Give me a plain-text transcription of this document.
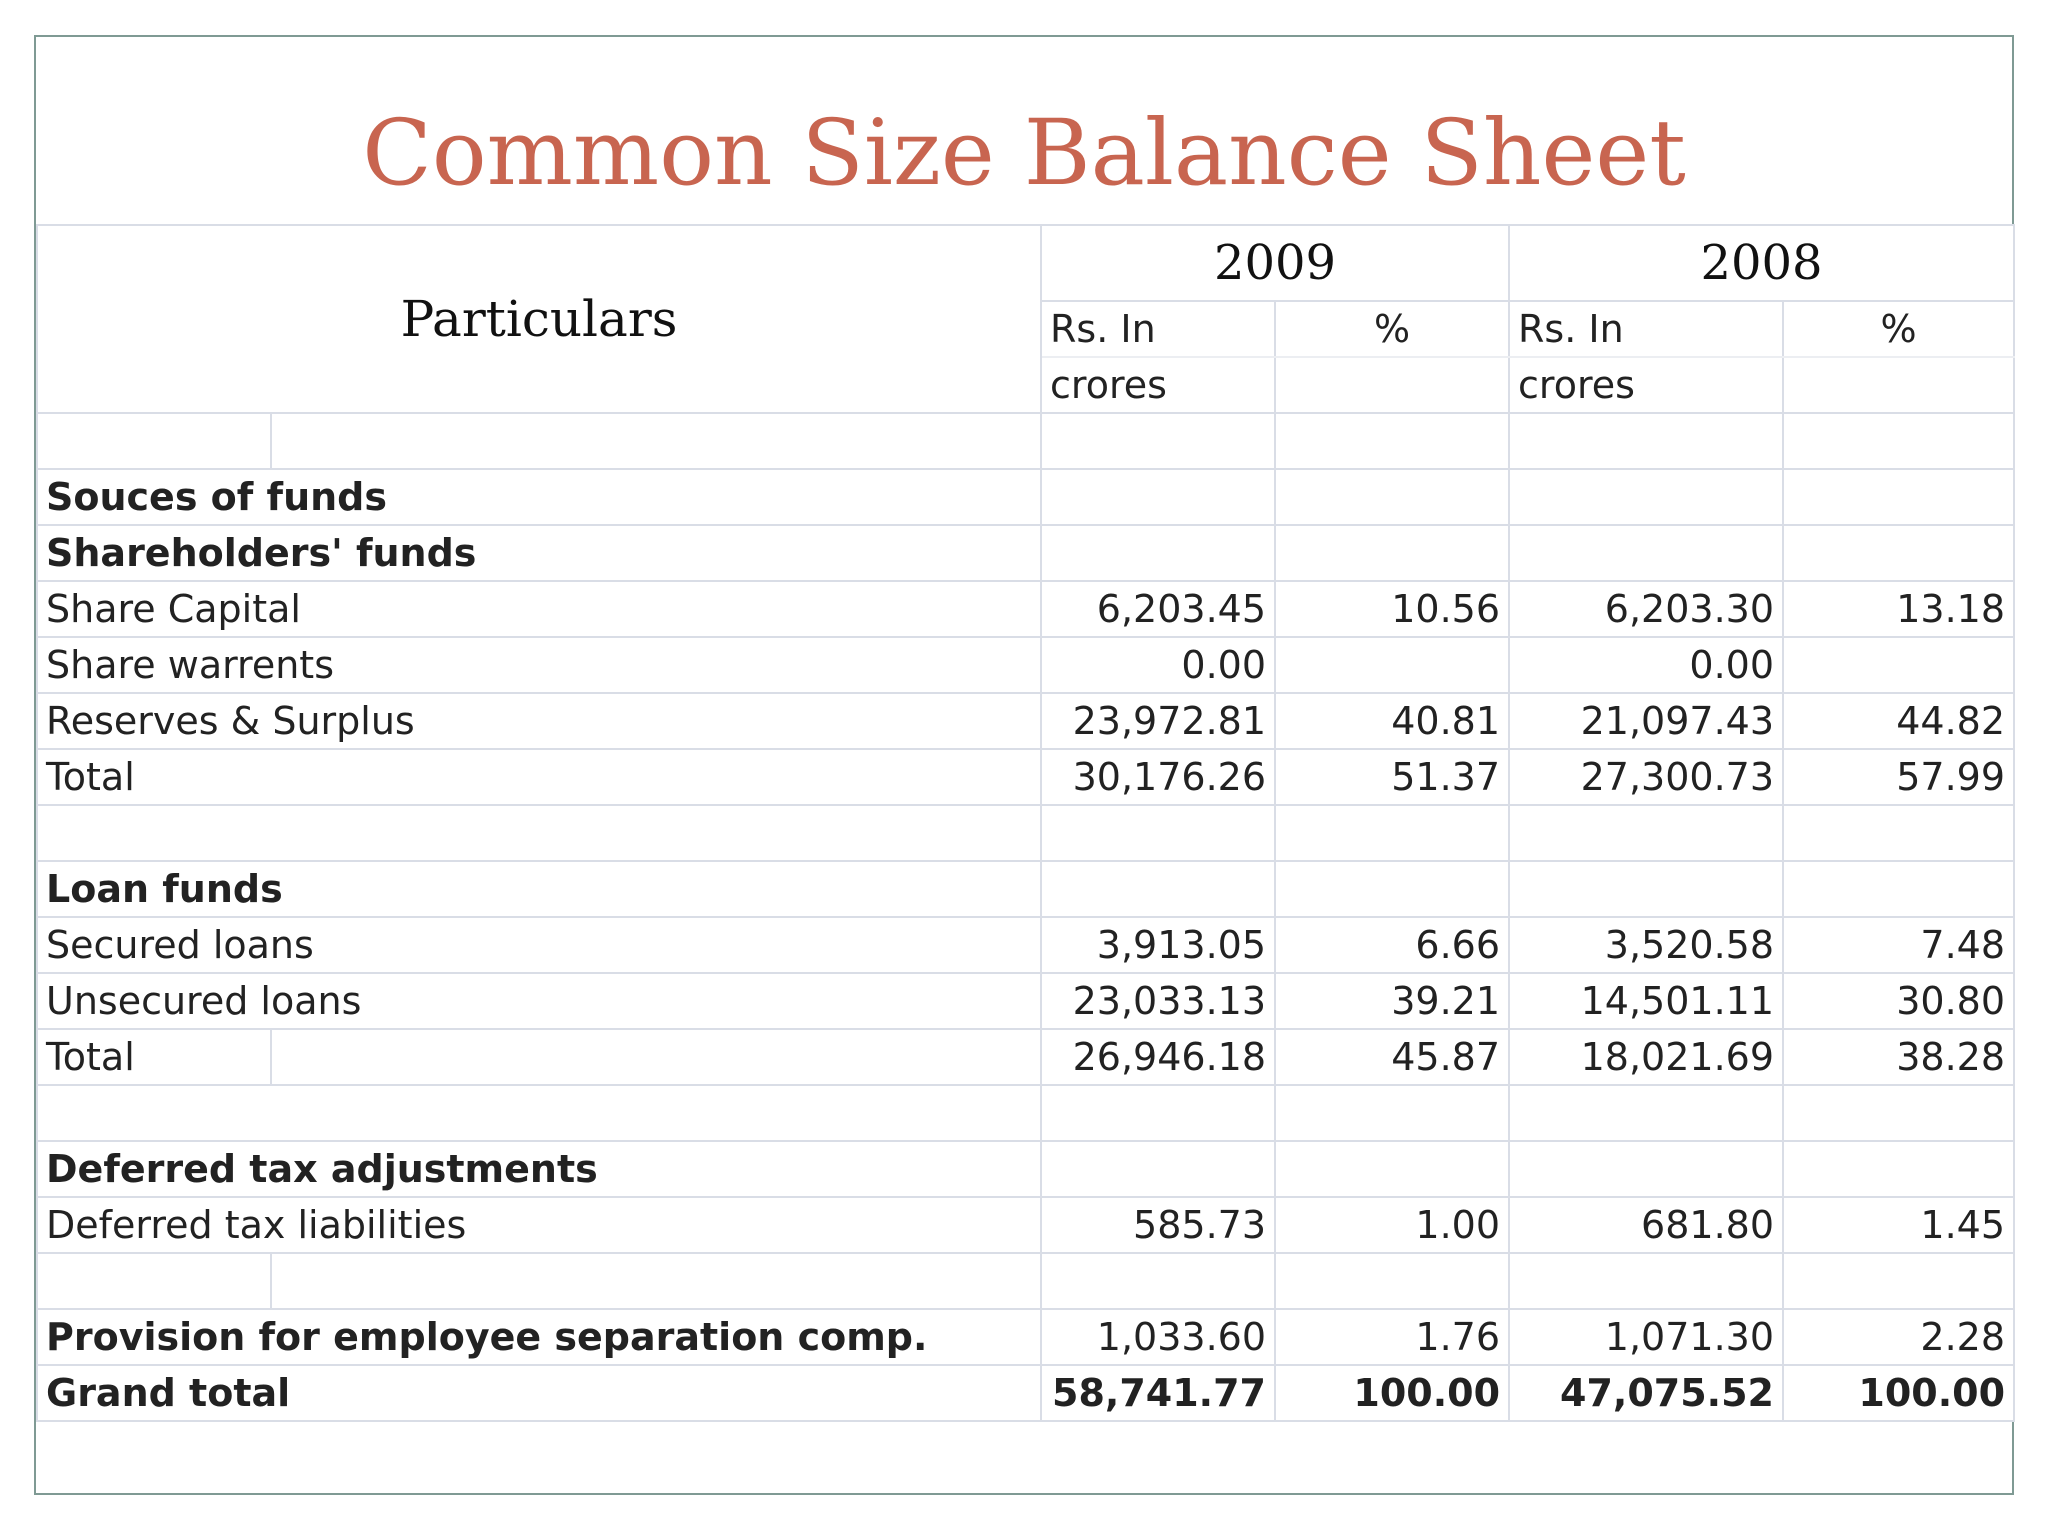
Common Size Balance Sheet
Particulars		2009		2008	
		Rs. In	%	Rs. In	%
		crores		crores	

Souces of funds					
Shareholders' funds					
Share Capital		6,203.45	10.56	6,203.30	13.18
Share warrents		0.00		0.00	
Reserves & Surplus		23,972.81	40.81	21,097.43	44.82
Total		30,176.26	51.37	27,300.73	57.99

Loan funds					
Secured loans		3,913.05	6.66	3,520.58	7.48
Unsecured loans		23,033.13	39.21	14,501.11	30.80
Total		26,946.18	45.87	18,021.69	38.28

Deferred tax adjustments					
Deferred tax liabilities		585.73	1.00	681.80	1.45

Provision for employee separation comp.		1,033.60	1.76	1,071.30	2.28
Grand total		58,741.77	100.00	47,075.52	100.00
